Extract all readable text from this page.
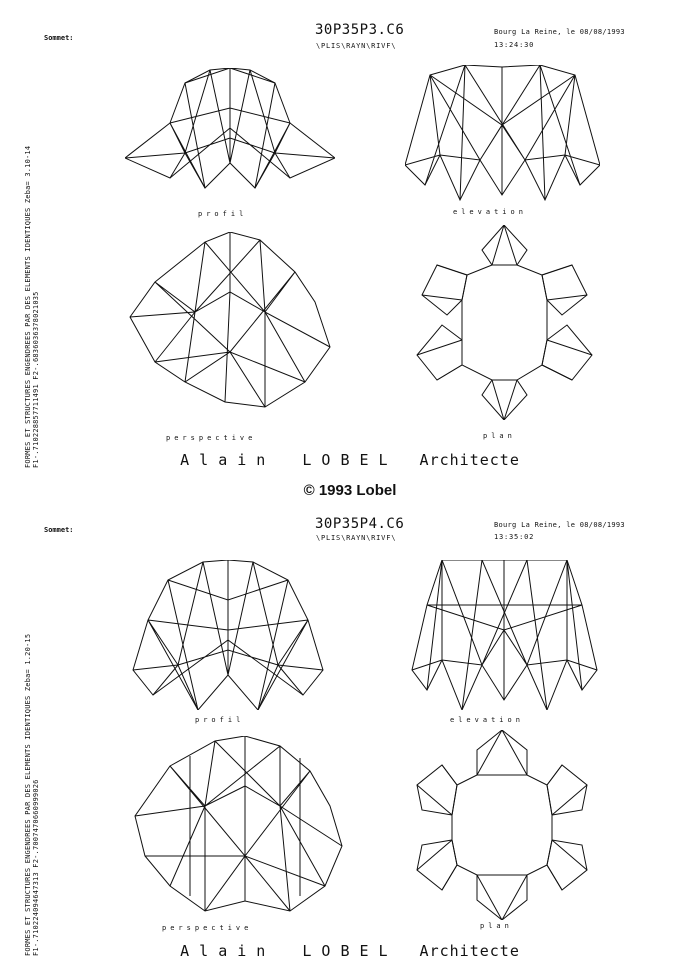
FORMES ET STRUCTURES ENGENDREES PAR DES ELEMENTS IDENTIQUES Zeba= 3.10-14 F1-.710228857711491 F2-.6836036378021035
Sommet:	30P35P3.C6
\PLIS\RAYN\RIVF\
Bourg La Reine, le 08/08/1993
13:24:30
profil	elevation
perspective	plan
Alain LOBEL Architecte
© 1993 Lobel
FORMES ET STRUCTURES ENGENDREES PAR DES ELEMENTS IDENTIQUES Zeba= 1.20-15 F1-.710224094647313 F2-.7007470660999026
Sommet:	30P35P4.C6
\PLIS\RAYN\RIVF\
Bourg La Reine, le 08/08/1993
13:35:02
profil	elevation
perspective	plan
Alain LOBEL Architecte
